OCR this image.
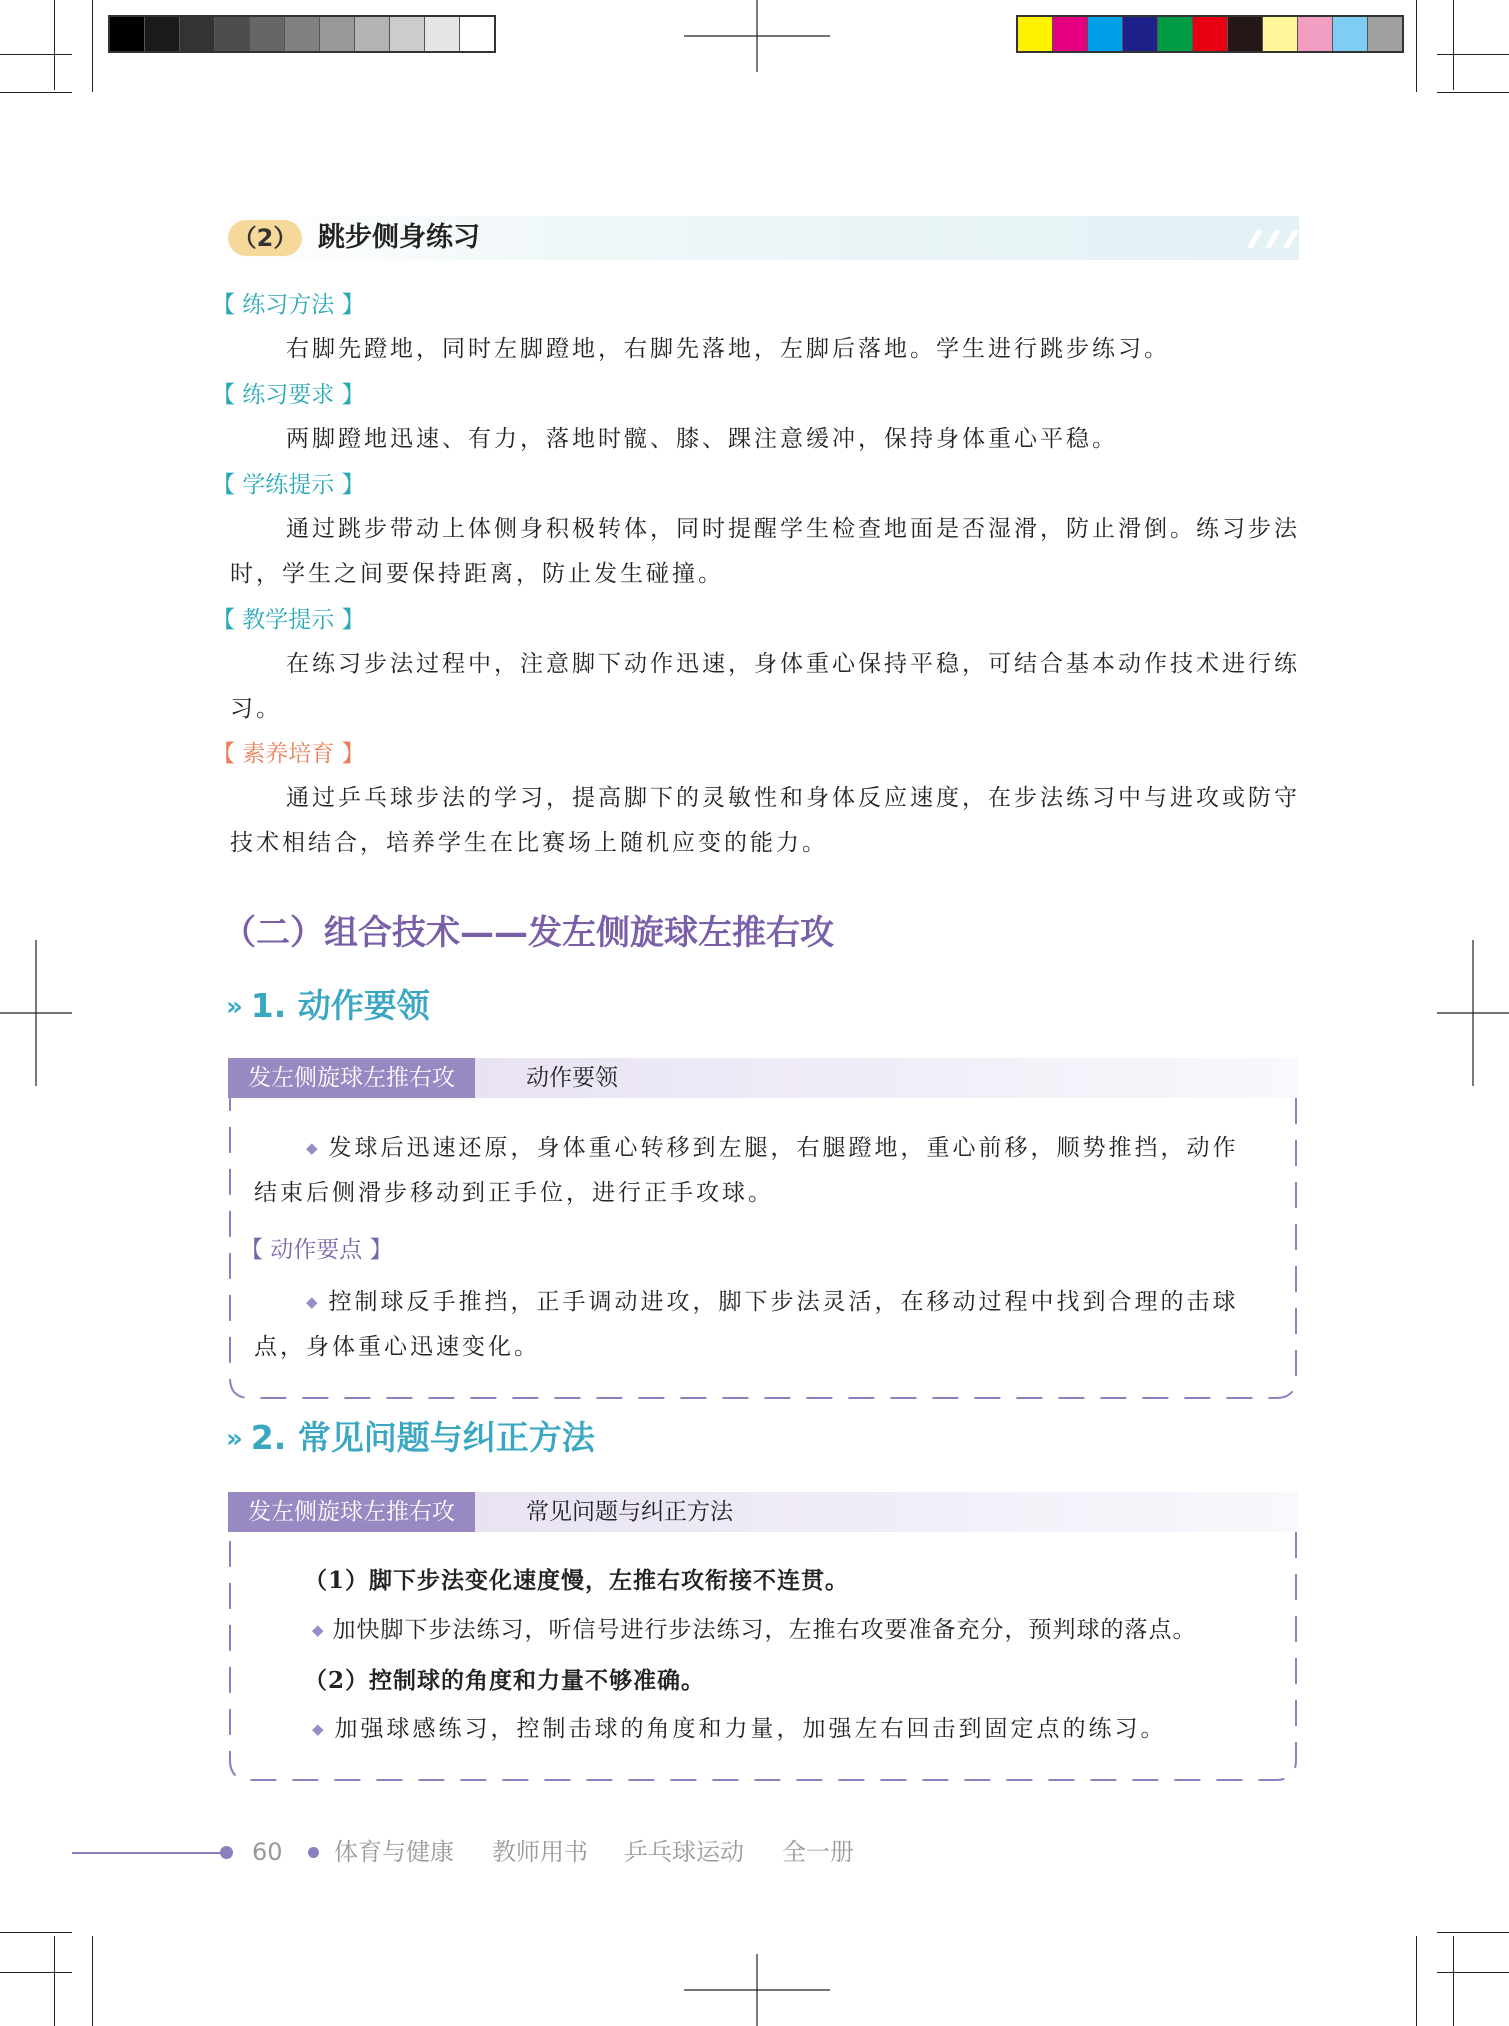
（2） 跳步侧身练习
【 练习方法 】
右脚先蹬地，同时左脚蹬地，右脚先落地，左脚后落地。学生进行跳步练习。
【 练习要求 】
两脚蹬地迅速、有力，落地时髋、膝、踝注意缓冲，保持身体重心平稳。
【 学练提示 】
通过跳步带动上体侧身积极转体，同时提醒学生检查地面是否湿滑，防止滑倒。练习步法时，学生之间要保持距离，防止发生碰撞。
【 教学提示 】
在练习步法过程中，注意脚下动作迅速，身体重心保持平稳，可结合基本动作技术进行练习。
【 素养培育 】
通过乒乓球步法的学习，提高脚下的灵敏性和身体反应速度，在步法练习中与进攻或防守技术相结合，培养学生在比赛场上随机应变的能力。
（二）组合技术——发左侧旋球左推右攻
» 1. 动作要领
发左侧旋球左推右攻	动作要领
◆ 发球后迅速还原，身体重心转移到左腿，右腿蹬地，重心前移，顺势推挡，动作结束后侧滑步移动到正手位，进行正手攻球。
【 动作要点 】
◆ 控制球反手推挡，正手调动进攻，脚下步法灵活，在移动过程中找到合理的击球点，身体重心迅速变化。
» 2. 常见问题与纠正方法
发左侧旋球左推右攻	常见问题与纠正方法
（1）脚下步法变化速度慢，左推右攻衔接不连贯。
◆ 加快脚下步法练习，听信号进行步法练习，左推右攻要准备充分，预判球的落点。
（2）控制球的角度和力量不够准确。
◆ 加强球感练习，控制击球的角度和力量，加强左右回击到固定点的练习。
60 体育与健康 教师用书 乒乓球运动 全一册
